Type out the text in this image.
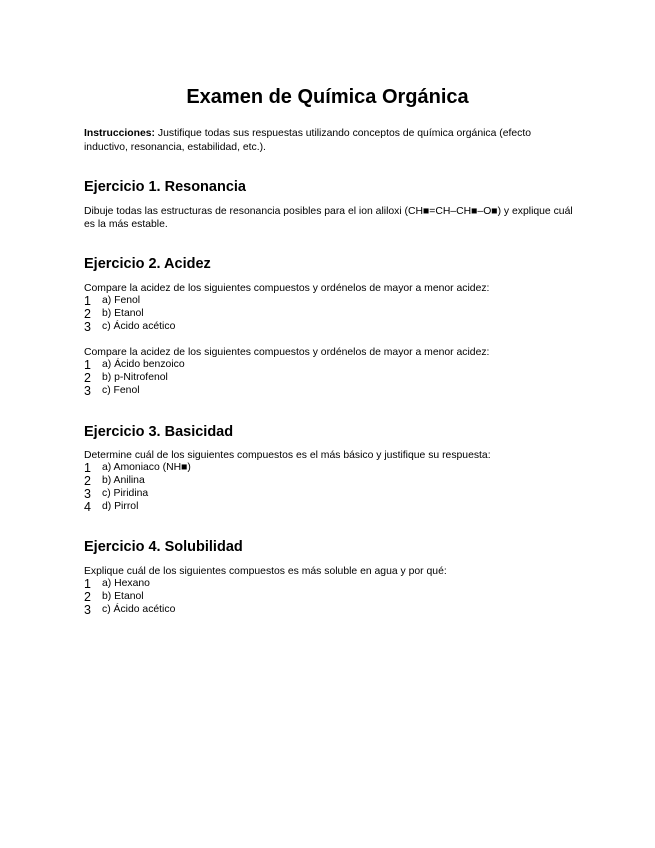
Examen de Química Orgánica

Instrucciones: Justifique todas sus respuestas utilizando conceptos de química orgánica (efecto inductivo, resonancia, estabilidad, etc.).

Ejercicio 1. Resonancia

Dibuje todas las estructuras de resonancia posibles para el ion aliloxi (CH■=CH–CH■–O■) y explique cuál es la más estable.

Ejercicio 2. Acidez

Compare la acidez de los siguientes compuestos y ordénelos de mayor a menor acidez:

1	a) Fenol
2	b) Etanol
3	c) Ácido acético

Compare la acidez de los siguientes compuestos y ordénelos de mayor a menor acidez:

1	a) Ácido benzoico
2	b) p-Nitrofenol
3	c) Fenol
Ejercicio 3. Basicidad

Determine cuál de los siguientes compuestos es el más básico y justifique su respuesta:

1	a) Amoniaco (NH■)
2	b) Anilina
3	c) Piridina
4	d) Pirrol
Ejercicio 4. Solubilidad

Explique cuál de los siguientes compuestos es más soluble en agua y por qué:

1	a) Hexano
2	b) Etanol
3	c) Ácido acético
